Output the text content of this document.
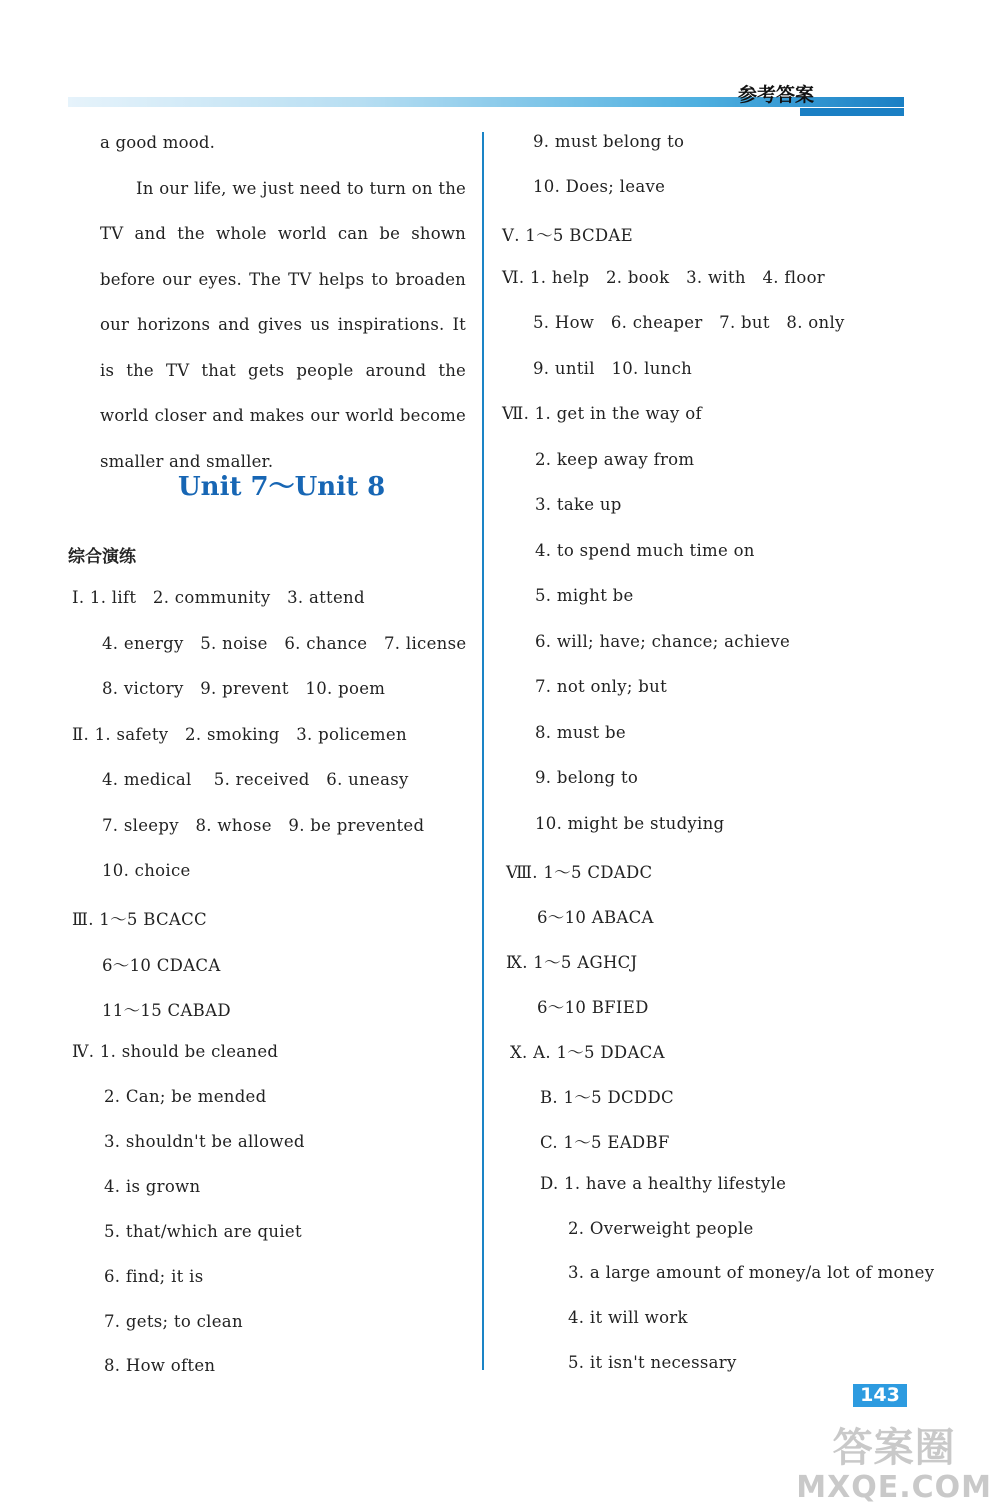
参考答案

a good mood.

In our life, we just need to turn on the TV and the whole world can be shown before our eyes. The TV helps to broaden our horizons and gives us inspirations. It is the TV that gets people around the world closer and makes our world become smaller and smaller.

Unit 7～Unit 8
综合演练
Ⅰ. 1. lift   2. community   3. attend
4. energy   5. noise   6. chance   7. license
8. victory   9. prevent   10. poem
Ⅱ. 1. safety   2. smoking   3. policemen
4. medical    5. received   6. uneasy
7. sleepy   8. whose   9. be prevented
10. choice
Ⅲ. 1～5 BCACC
6～10 CDACA
11～15 CABAD
Ⅳ. 1. should be cleaned
2. Can; be mended
3. shouldn't be allowed
4. is grown
5. that/which are quiet
6. find; it is
7. gets; to clean
8. How often
9. must belong to
10. Does; leave
Ⅴ. 1～5 BCDAE
Ⅵ. 1. help   2. book   3. with   4. floor
5. How   6. cheaper   7. but   8. only
9. until   10. lunch
Ⅶ. 1. get in the way of
2. keep away from
3. take up
4. to spend much time on
5. might be
6. will; have; chance; achieve
7. not only; but
8. must be
9. belong to
10. might be studying
Ⅷ. 1～5 CDADC
6～10 ABACA
Ⅸ. 1～5 AGHCJ
6～10 BFIED
Ⅹ. A. 1～5 DDACA
B. 1～5 DCDDC
C. 1～5 EADBF
D. 1. have a healthy lifestyle
2. Overweight people
3. a large amount of money/a lot of money
4. it will work
5. it isn't necessary
143
答案圈
MXQE.COM
